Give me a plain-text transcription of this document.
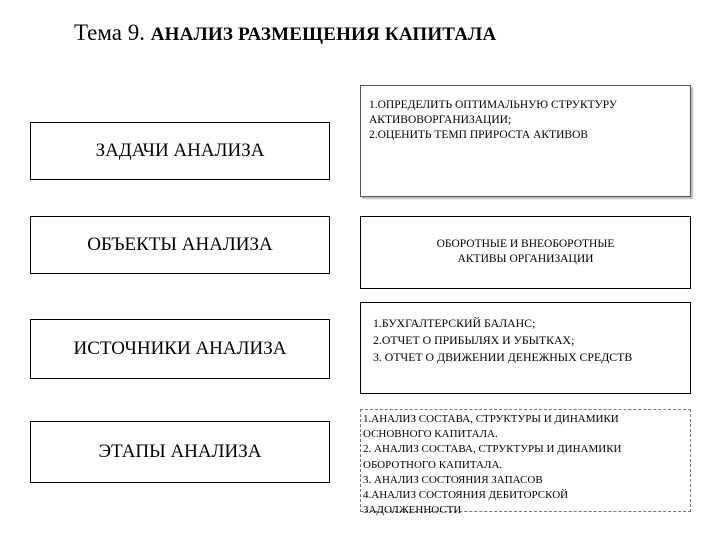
Тема 9. АНАЛИЗ РАЗМЕЩЕНИЯ КАПИТАЛА
ЗАДАЧИ АНАЛИЗА
1.ОПРЕДЕЛИТЬ ОПТИМАЛЬНУЮ СТРУКТУРУ
АКТИВОВОРГАНИЗАЦИИ;
2.ОЦЕНИТЬ ТЕМП ПРИРОСТА АКТИВОВ
ОБЪЕКТЫ АНАЛИЗА	ОБОРОТНЫЕ И ВНЕОБОРОТНЫЕ
АКТИВЫ ОРГАНИЗАЦИИ
ИСТОЧНИКИ АНАЛИЗА
1.БУХГАЛТЕРСКИЙ БАЛАНС;
2.ОТЧЕТ О ПРИБЫЛЯХ И УБЫТКАХ;
3. ОТЧЕТ О ДВИЖЕНИИ ДЕНЕЖНЫХ СРЕДСТВ
ЭТАПЫ АНАЛИЗА
1.АНАЛИЗ СОСТАВА, СТРУКТУРЫ И ДИНАМИКИ
ОСНОВНОГО КАПИТАЛА.
2. АНАЛИЗ СОСТАВА, СТРУКТУРЫ И ДИНАМИКИ
ОБОРОТНОГО КАПИТАЛА.
3. АНАЛИЗ СОСТОЯНИЯ ЗАПАСОВ
4.АНАЛИЗ СОСТОЯНИЯ ДЕБИТОРСКОЙ
ЗАДОЛЖЕННОСТИ
